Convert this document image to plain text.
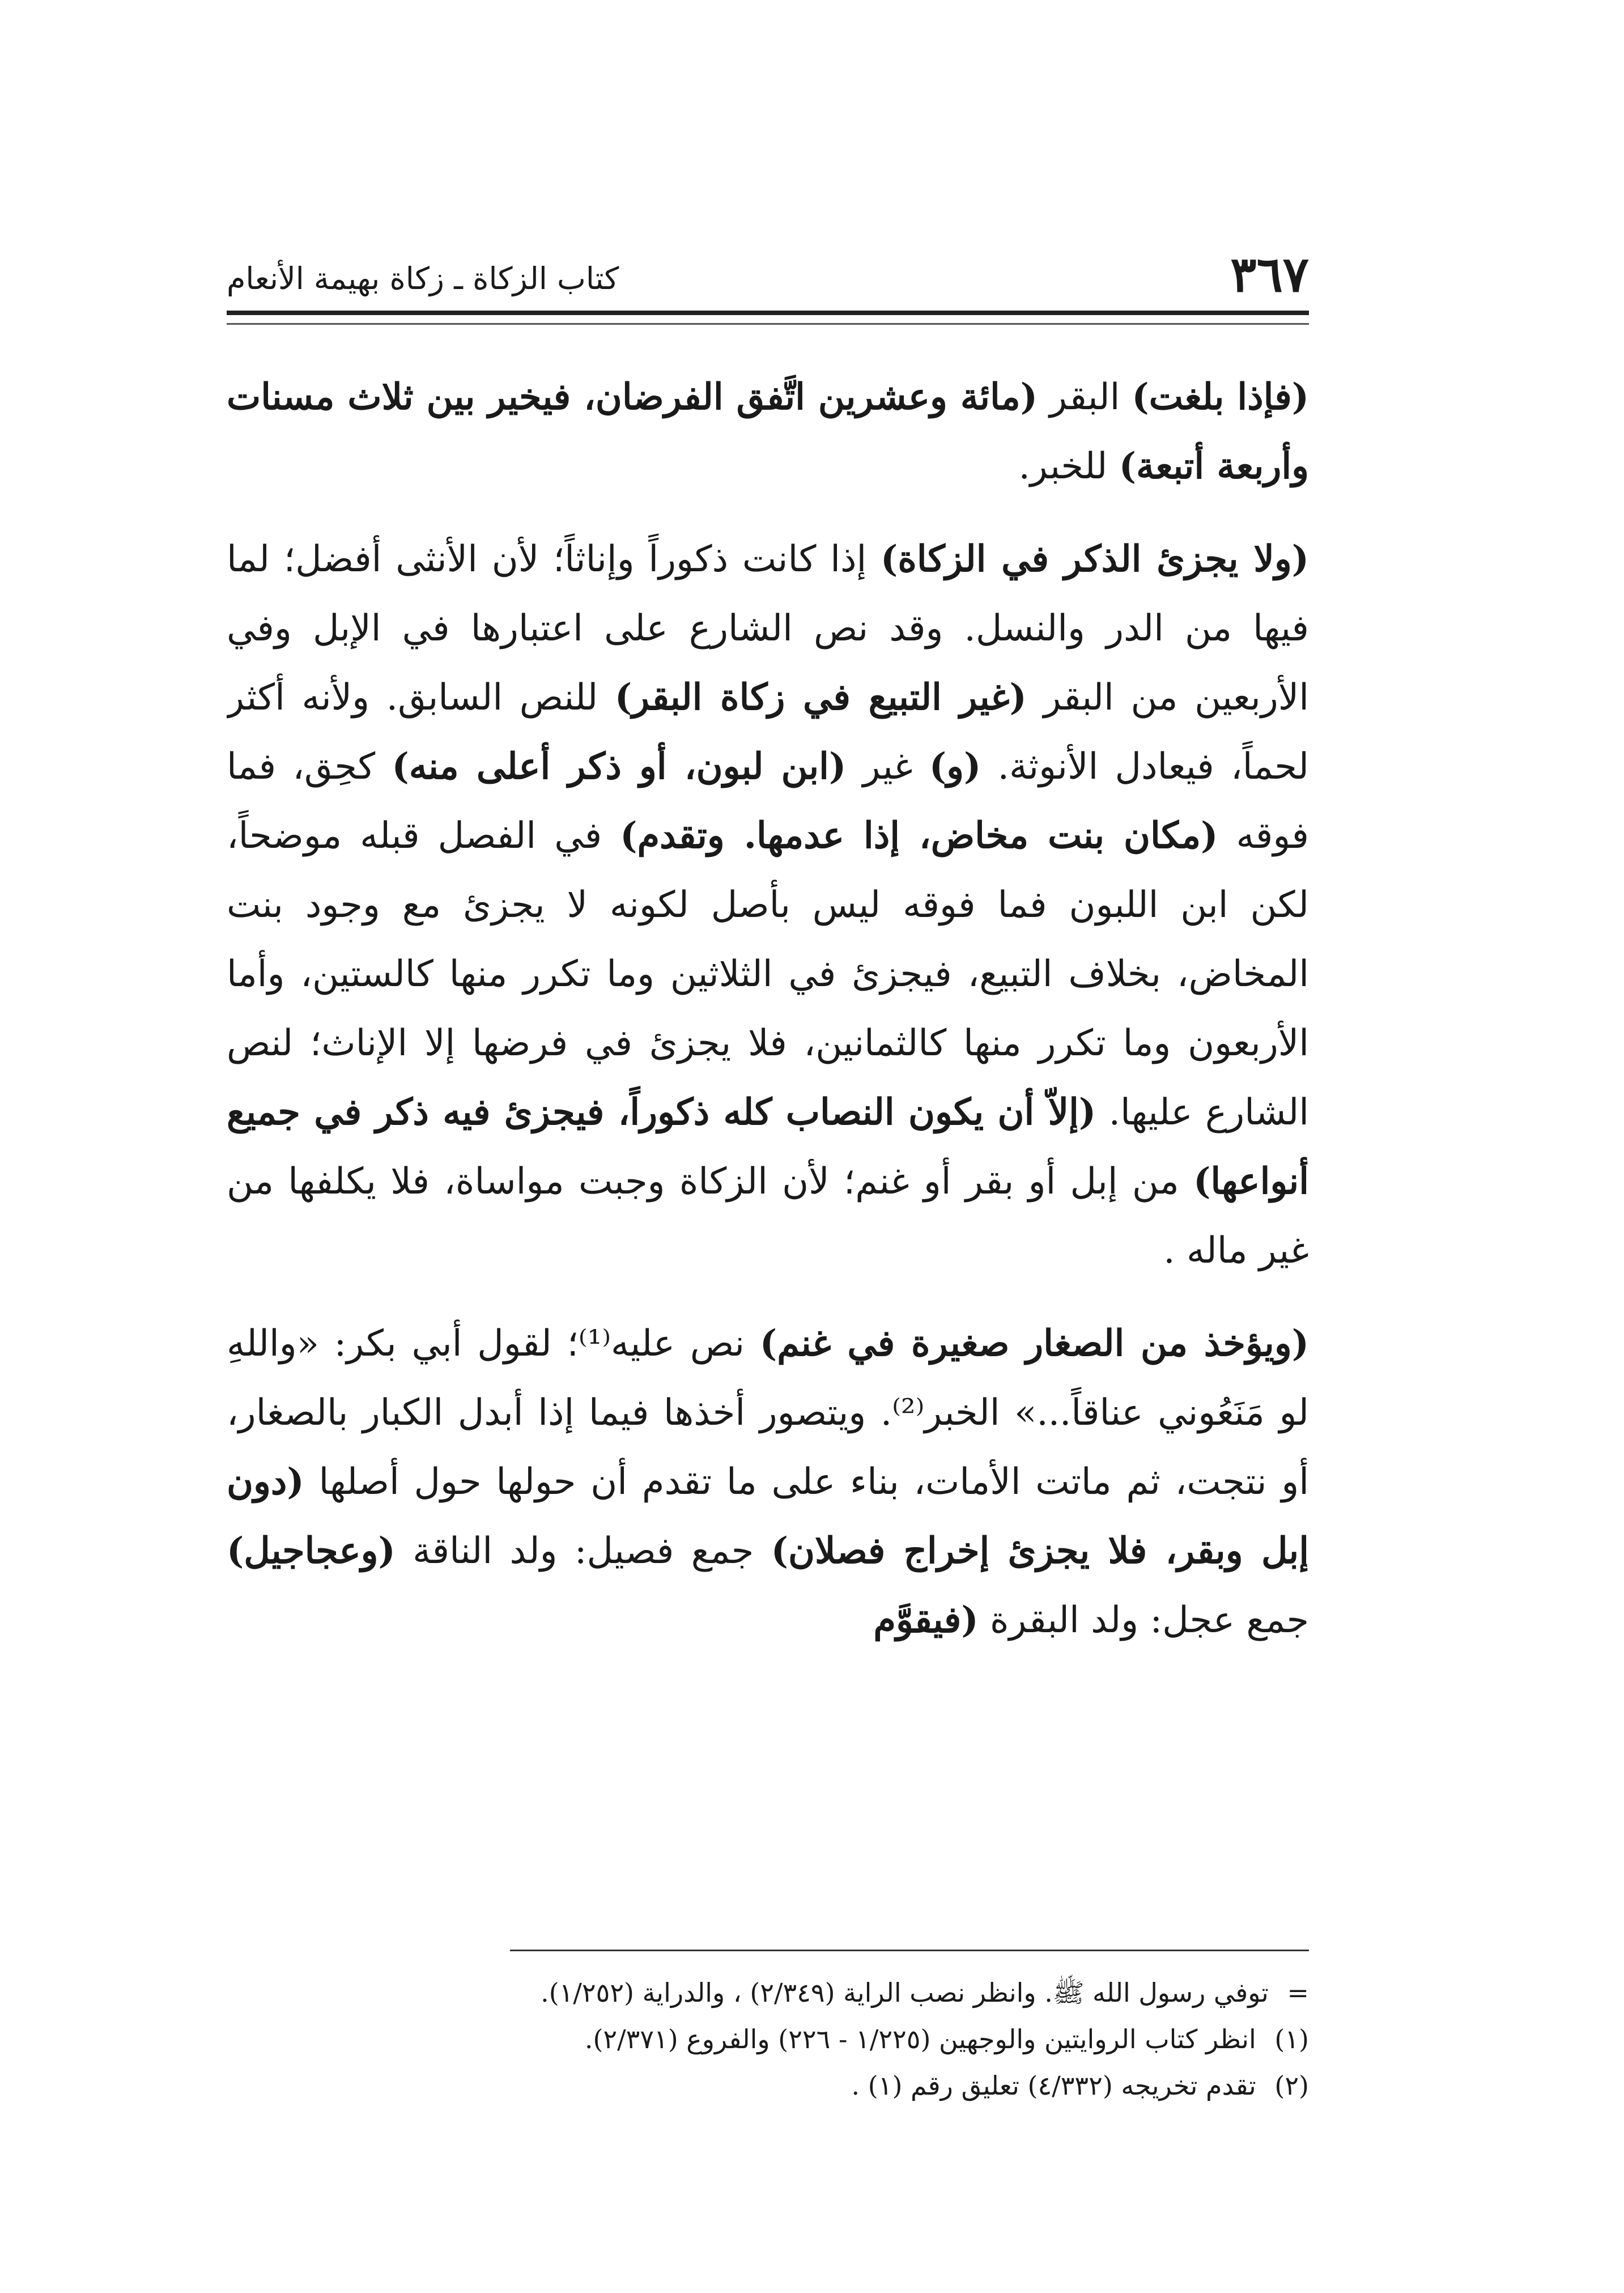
٣٦٧
كتاب الزكاة ـ زكاة بهيمة الأنعام

(فإذا بلغت) البقر (مائة وعشرين اتَّفق الفرضان، فيخير بين ثلاث مسنات وأربعة أتبعة) للخبر.

(ولا يجزئ الذكر في الزكاة) إذا كانت ذكوراً وإناثاً؛ لأن الأنثى أفضل؛ لما فيها من الدر والنسل. وقد نص الشارع على اعتبارها في الإبل وفي الأربعين من البقر (غير التبيع في زكاة البقر) للنص السابق. ولأنه أكثر لحماً، فيعادل الأنوثة. (و) غير (ابن لبون، أو ذكر أعلى منه) كحِق، فما فوقه (مكان بنت مخاض، إذا عدمها. وتقدم) في الفصل قبله موضحاً، لكن ابن اللبون فما فوقه ليس بأصل لكونه لا يجزئ مع وجود بنت المخاض، بخلاف التبيع، فيجزئ في الثلاثين وما تكرر منها كالستين، وأما الأربعون وما تكرر منها كالثمانين، فلا يجزئ في فرضها إلا الإناث؛ لنص الشارع عليها. (إلاّ أن يكون النصاب كله ذكوراً، فيجزئ فيه ذكر في جميع أنواعها) من إبل أو بقر أو غنم؛ لأن الزكاة وجبت مواساة، فلا يكلفها من غير ماله .

(ويؤخذ من الصغار صغيرة في غنم) نص عليه⁽¹⁾؛ لقول أبي بكر: «واللهِ لو مَنَعُوني عناقاً...» الخبر⁽²⁾. ويتصور أخذها فيما إذا أبدل الكبار بالصغار، أو نتجت، ثم ماتت الأمات، بناء على ما تقدم أن حولها حول أصلها (دون إبل وبقر، فلا يجزئ إخراج فصلان) جمع فصيل: ولد الناقة (وعجاجيل) جمع عجل: ولد البقرة (فيقوَّم

= توفي رسول الله ﷺ. وانظر نصب الراية (٢/٣٤٩) ، والدراية (١/٢٥٢).
(١) انظر كتاب الروايتين والوجهين (١/٢٢٥ - ٢٢٦) والفروع (٢/٣٧١).
(٢) تقدم تخريجه (٤/٣٣٢) تعليق رقم (١) .
